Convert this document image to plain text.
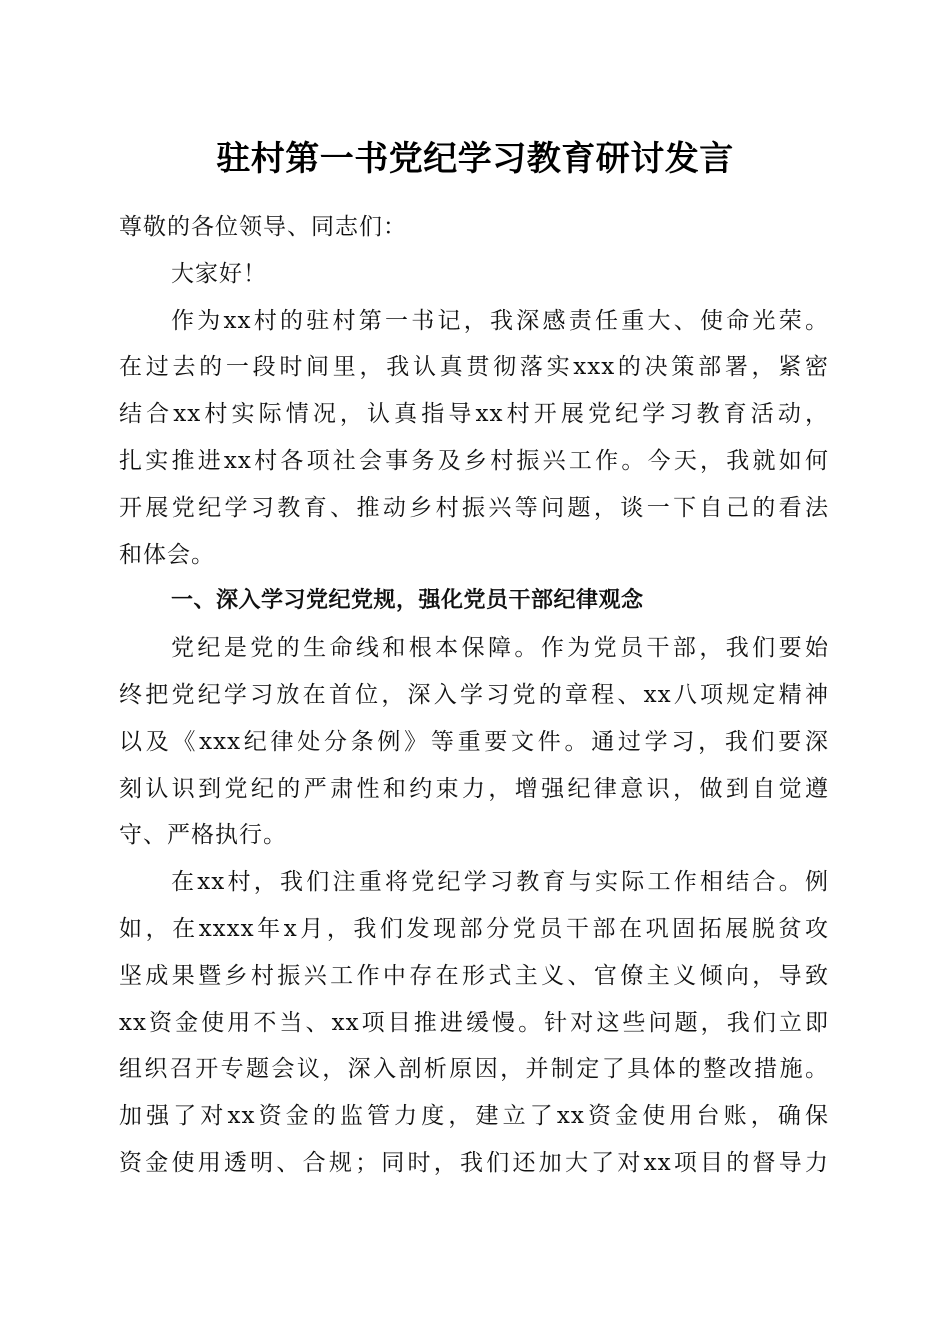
驻村第一书党纪学习教育研讨发言
尊敬的各位领导、同志们：
大家好！
作为xx村的驻村第一书记，我深感责任重大、使命光荣。
在过去的一段时间里，我认真贯彻落实xxx的决策部署，紧密
结合xx村实际情况，认真指导xx村开展党纪学习教育活动，
扎实推进xx村各项社会事务及乡村振兴工作。今天，我就如何
开展党纪学习教育、推动乡村振兴等问题，谈一下自己的看法
和体会。
一、深入学习党纪党规，强化党员干部纪律观念
党纪是党的生命线和根本保障。作为党员干部，我们要始
终把党纪学习放在首位，深入学习党的章程、xx八项规定精神
以及《xxx纪律处分条例》等重要文件。通过学习，我们要深
刻认识到党纪的严肃性和约束力，增强纪律意识，做到自觉遵
守、严格执行。
在xx村，我们注重将党纪学习教育与实际工作相结合。例
如，在xxxx年x月，我们发现部分党员干部在巩固拓展脱贫攻
坚成果暨乡村振兴工作中存在形式主义、官僚主义倾向，导致
xx资金使用不当、xx项目推进缓慢。针对这些问题，我们立即
组织召开专题会议，深入剖析原因，并制定了具体的整改措施。
加强了对xx资金的监管力度，建立了xx资金使用台账，确保
资金使用透明、合规；同时，我们还加大了对xx项目的督导力
